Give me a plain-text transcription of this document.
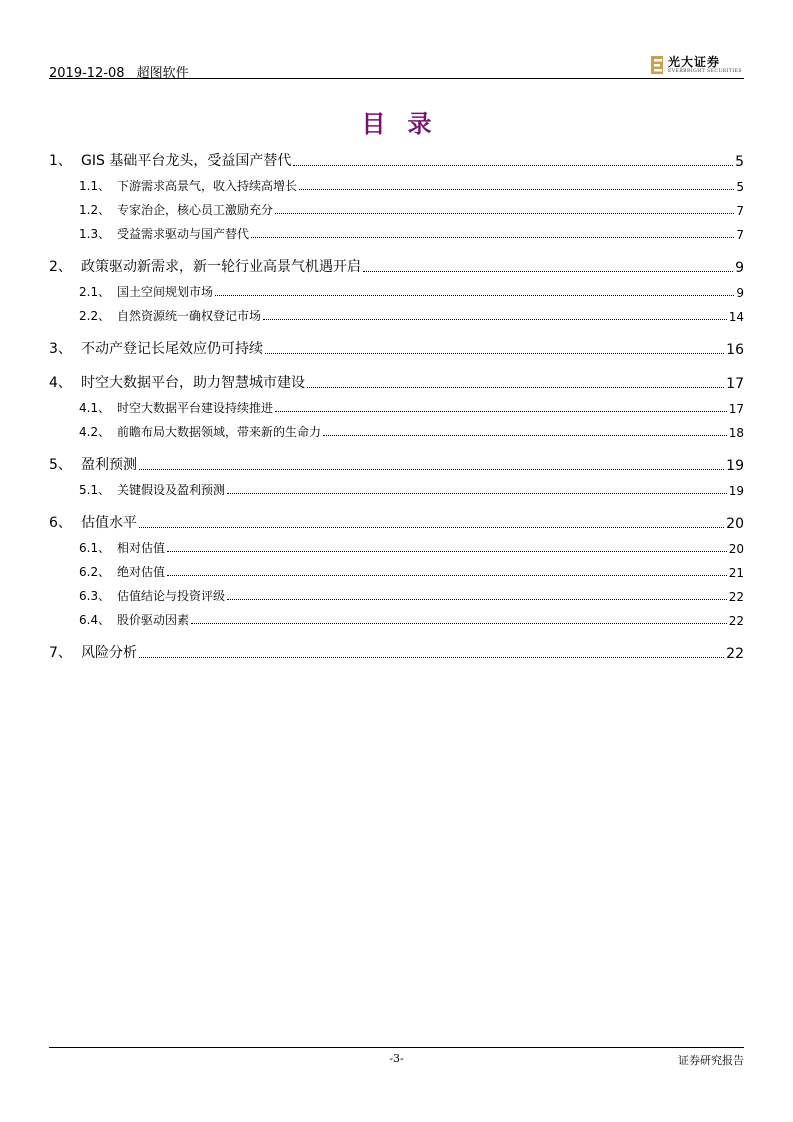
2019-12-08 超图软件
光大证券
EVERBRIGHT SECURITIES
目录
1、 GIS 基础平台龙头，受益国产替代	5
1.1、 下游需求高景气，收入持续高增长	5
1.2、 专家治企，核心员工激励充分	7
1.3、 受益需求驱动与国产替代	7
2、 政策驱动新需求，新一轮行业高景气机遇开启	9
2.1、 国土空间规划市场	9
2.2、 自然资源统一确权登记市场	14
3、 不动产登记长尾效应仍可持续	16
4、 时空大数据平台，助力智慧城市建设	17
4.1、 时空大数据平台建设持续推进	17
4.2、 前瞻布局大数据领域，带来新的生命力	18
5、 盈利预测	19
5.1、 关键假设及盈利预测	19
6、 估值水平	20
6.1、 相对估值	20
6.2、 绝对估值	21
6.3、 估值结论与投资评级	22
6.4、 股价驱动因素	22
7、 风险分析	22
-3-	证券研究报告
